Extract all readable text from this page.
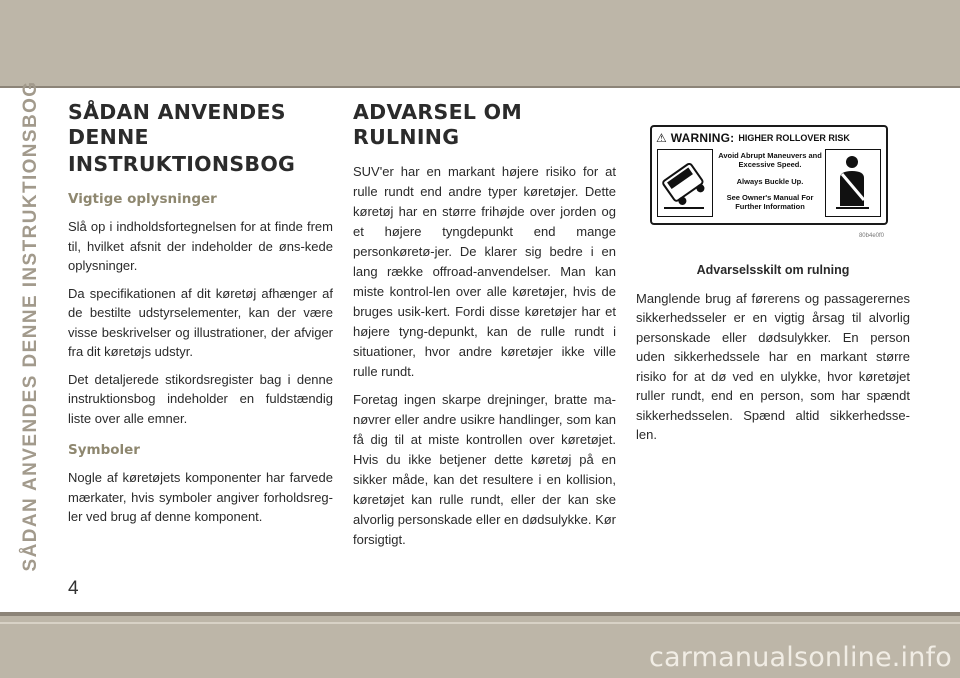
SÅDAN ANVENDES DENNE INSTRUKTIONSBOG SÅDAN ANVENDES DENNE
INSTRUKTIONSBOG
Vigtige oplysninger

Slå op i indholdsfortegnelsen for at finde frem til, hvilket afsnit der indeholder de øns-kede oplysninger.

Da specifikationen af dit køretøj afhænger af de bestilte udstyrselementer, kan der være visse beskrivelser og illustrationer, der afviger fra dit køretøjs udstyr.

Det detaljerede stikordsregister bag i denne instruktionsbog indeholder en fuldstændig liste over alle emner.

Symboler

Nogle af køretøjets komponenter har farvede mærkater, hvis symboler angiver forholdsreg-ler ved brug af denne komponent.

ADVARSEL OM RULNING

SUV'er har en markant højere risiko for at rulle rundt end andre typer køretøjer. Dette køretøj har en større frihøjde over jorden og et højere tyngdepunkt end mange personkøretø-jer. De klarer sig bedre i en lang række offroad-anvendelser. Man kan miste kontrol-len over alle køretøjer, hvis de bruges usik-kert. Fordi disse køretøjer har et højere tyng-depunkt, kan de rulle rundt i situationer, hvor andre køretøjer ikke ville rulle rundt.

Foretag ingen skarpe drejninger, bratte ma-nøvrer eller andre usikre handlinger, som kan få dig til at miste kontrollen over køretøjet. Hvis du ikke betjener dette køretøj på en sikker måde, kan det resultere i en kollision, køretøjet kan rulle rundt, eller der kan ske alvorlig personskade eller en dødsulykke. Kør forsigtigt.

⚠ WARNING: HIGHER ROLLOVER RISK
Avoid Abrupt Maneuvers and Excessive Speed.
Always Buckle Up.
See Owner's Manual For Further Information

80b4e0f0

Advarselsskilt om rulning

Manglende brug af førerens og passagerernes sikkerhedsseler er en vigtig årsag til alvorlig personskade eller dødsulykker. En person uden sikkerhedssele har en markant større risiko for at dø ved en ulykke, hvor køretøjet ruller rundt, end en person, som har spændt sikkerhedsselen. Spænd altid sikkerhedsse-len.

4
carmanualsonline.info
